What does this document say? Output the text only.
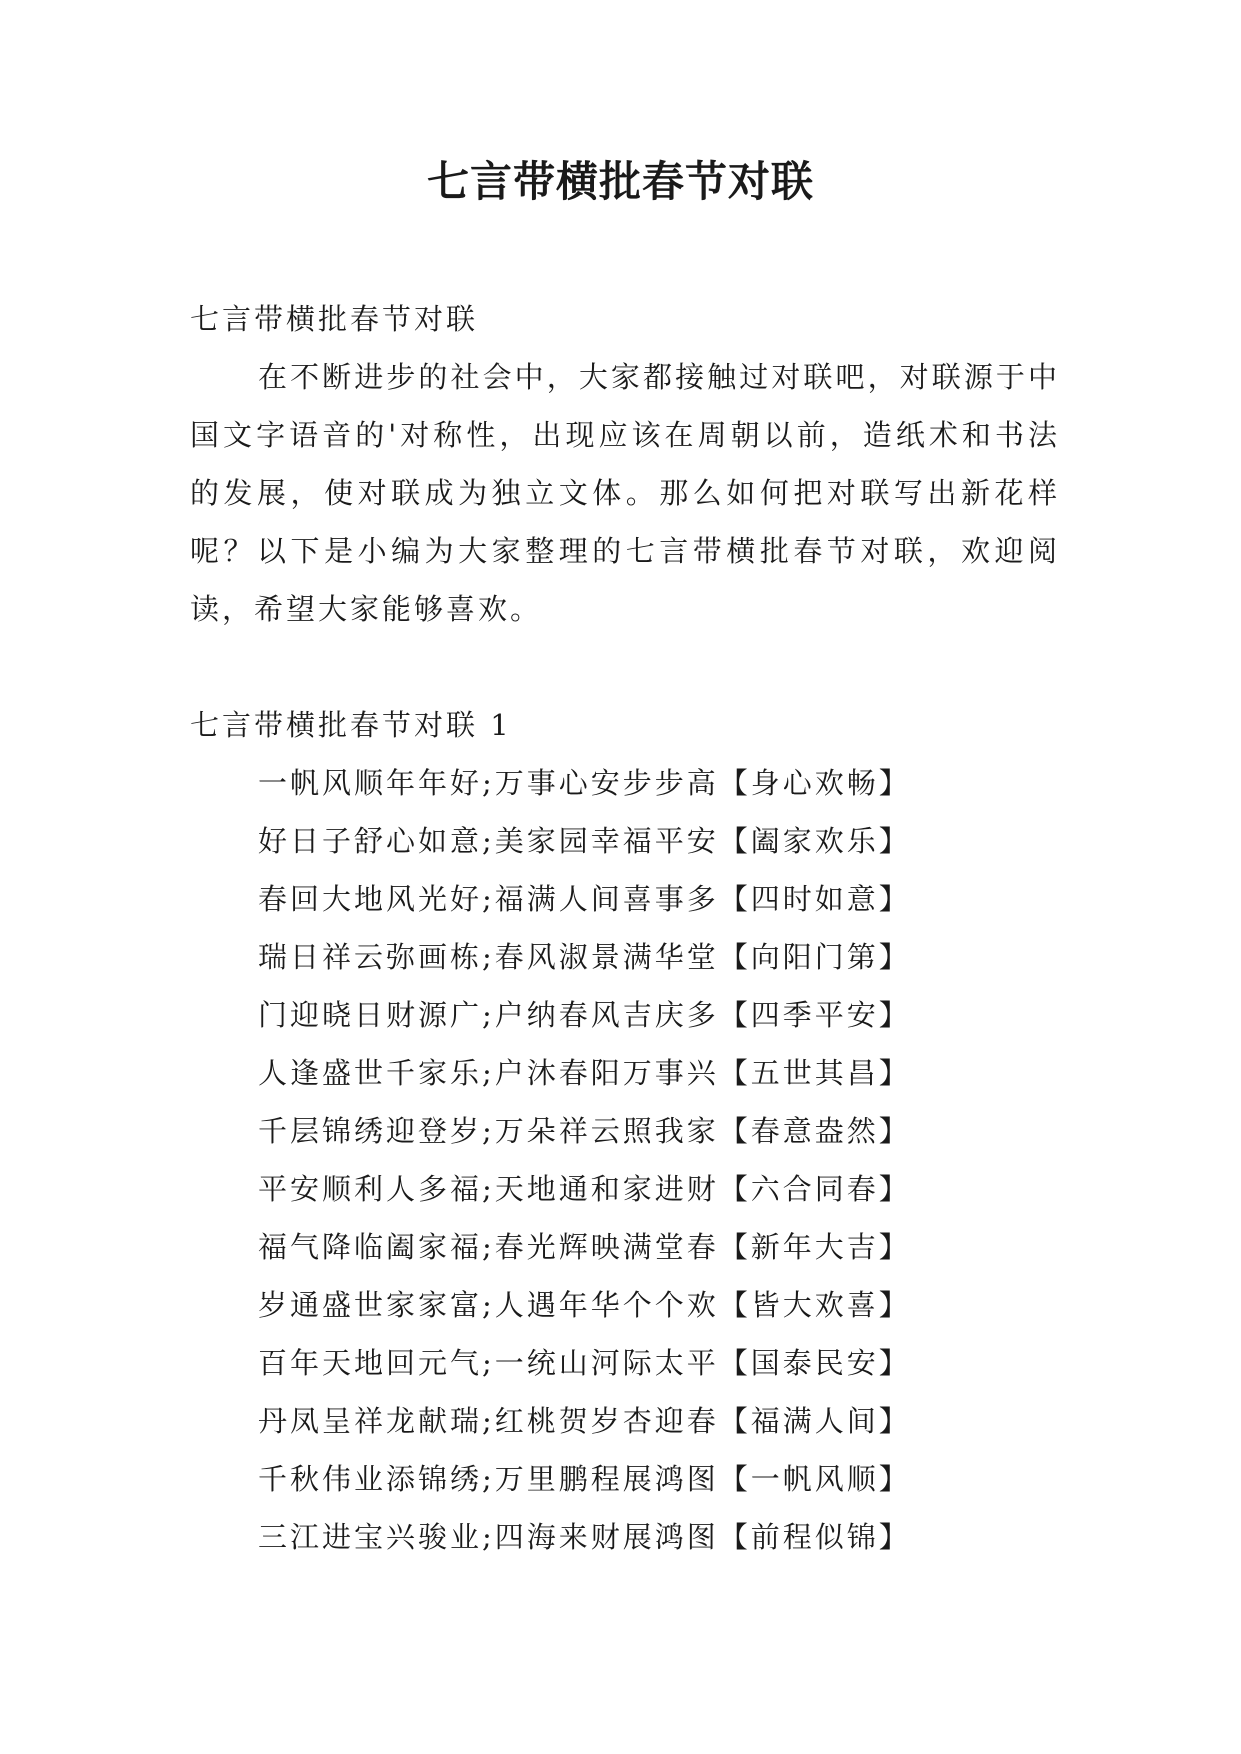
七言带横批春节对联

七言带横批春节对联

在不断进步的社会中，大家都接触过对联吧，对联源于中国文字语音的'对称性，出现应该在周朝以前，造纸术和书法的发展，使对联成为独立文体。那么如何把对联写出新花样呢？以下是小编为大家整理的七言带横批春节对联，欢迎阅读，希望大家能够喜欢。

七言带横批春节对联 1

一帆风顺年年好;万事心安步步高【身心欢畅】
好日子舒心如意;美家园幸福平安【阖家欢乐】
春回大地风光好;福满人间喜事多【四时如意】
瑞日祥云弥画栋;春风淑景满华堂【向阳门第】
门迎晓日财源广;户纳春风吉庆多【四季平安】
人逢盛世千家乐;户沐春阳万事兴【五世其昌】
千层锦绣迎登岁;万朵祥云照我家【春意盎然】
平安顺利人多福;天地通和家进财【六合同春】
福气降临阖家福;春光辉映满堂春【新年大吉】
岁通盛世家家富;人遇年华个个欢【皆大欢喜】
百年天地回元气;一统山河际太平【国泰民安】
丹凤呈祥龙献瑞;红桃贺岁杏迎春【福满人间】
千秋伟业添锦绣;万里鹏程展鸿图【一帆风顺】
三江进宝兴骏业;四海来财展鸿图【前程似锦】
